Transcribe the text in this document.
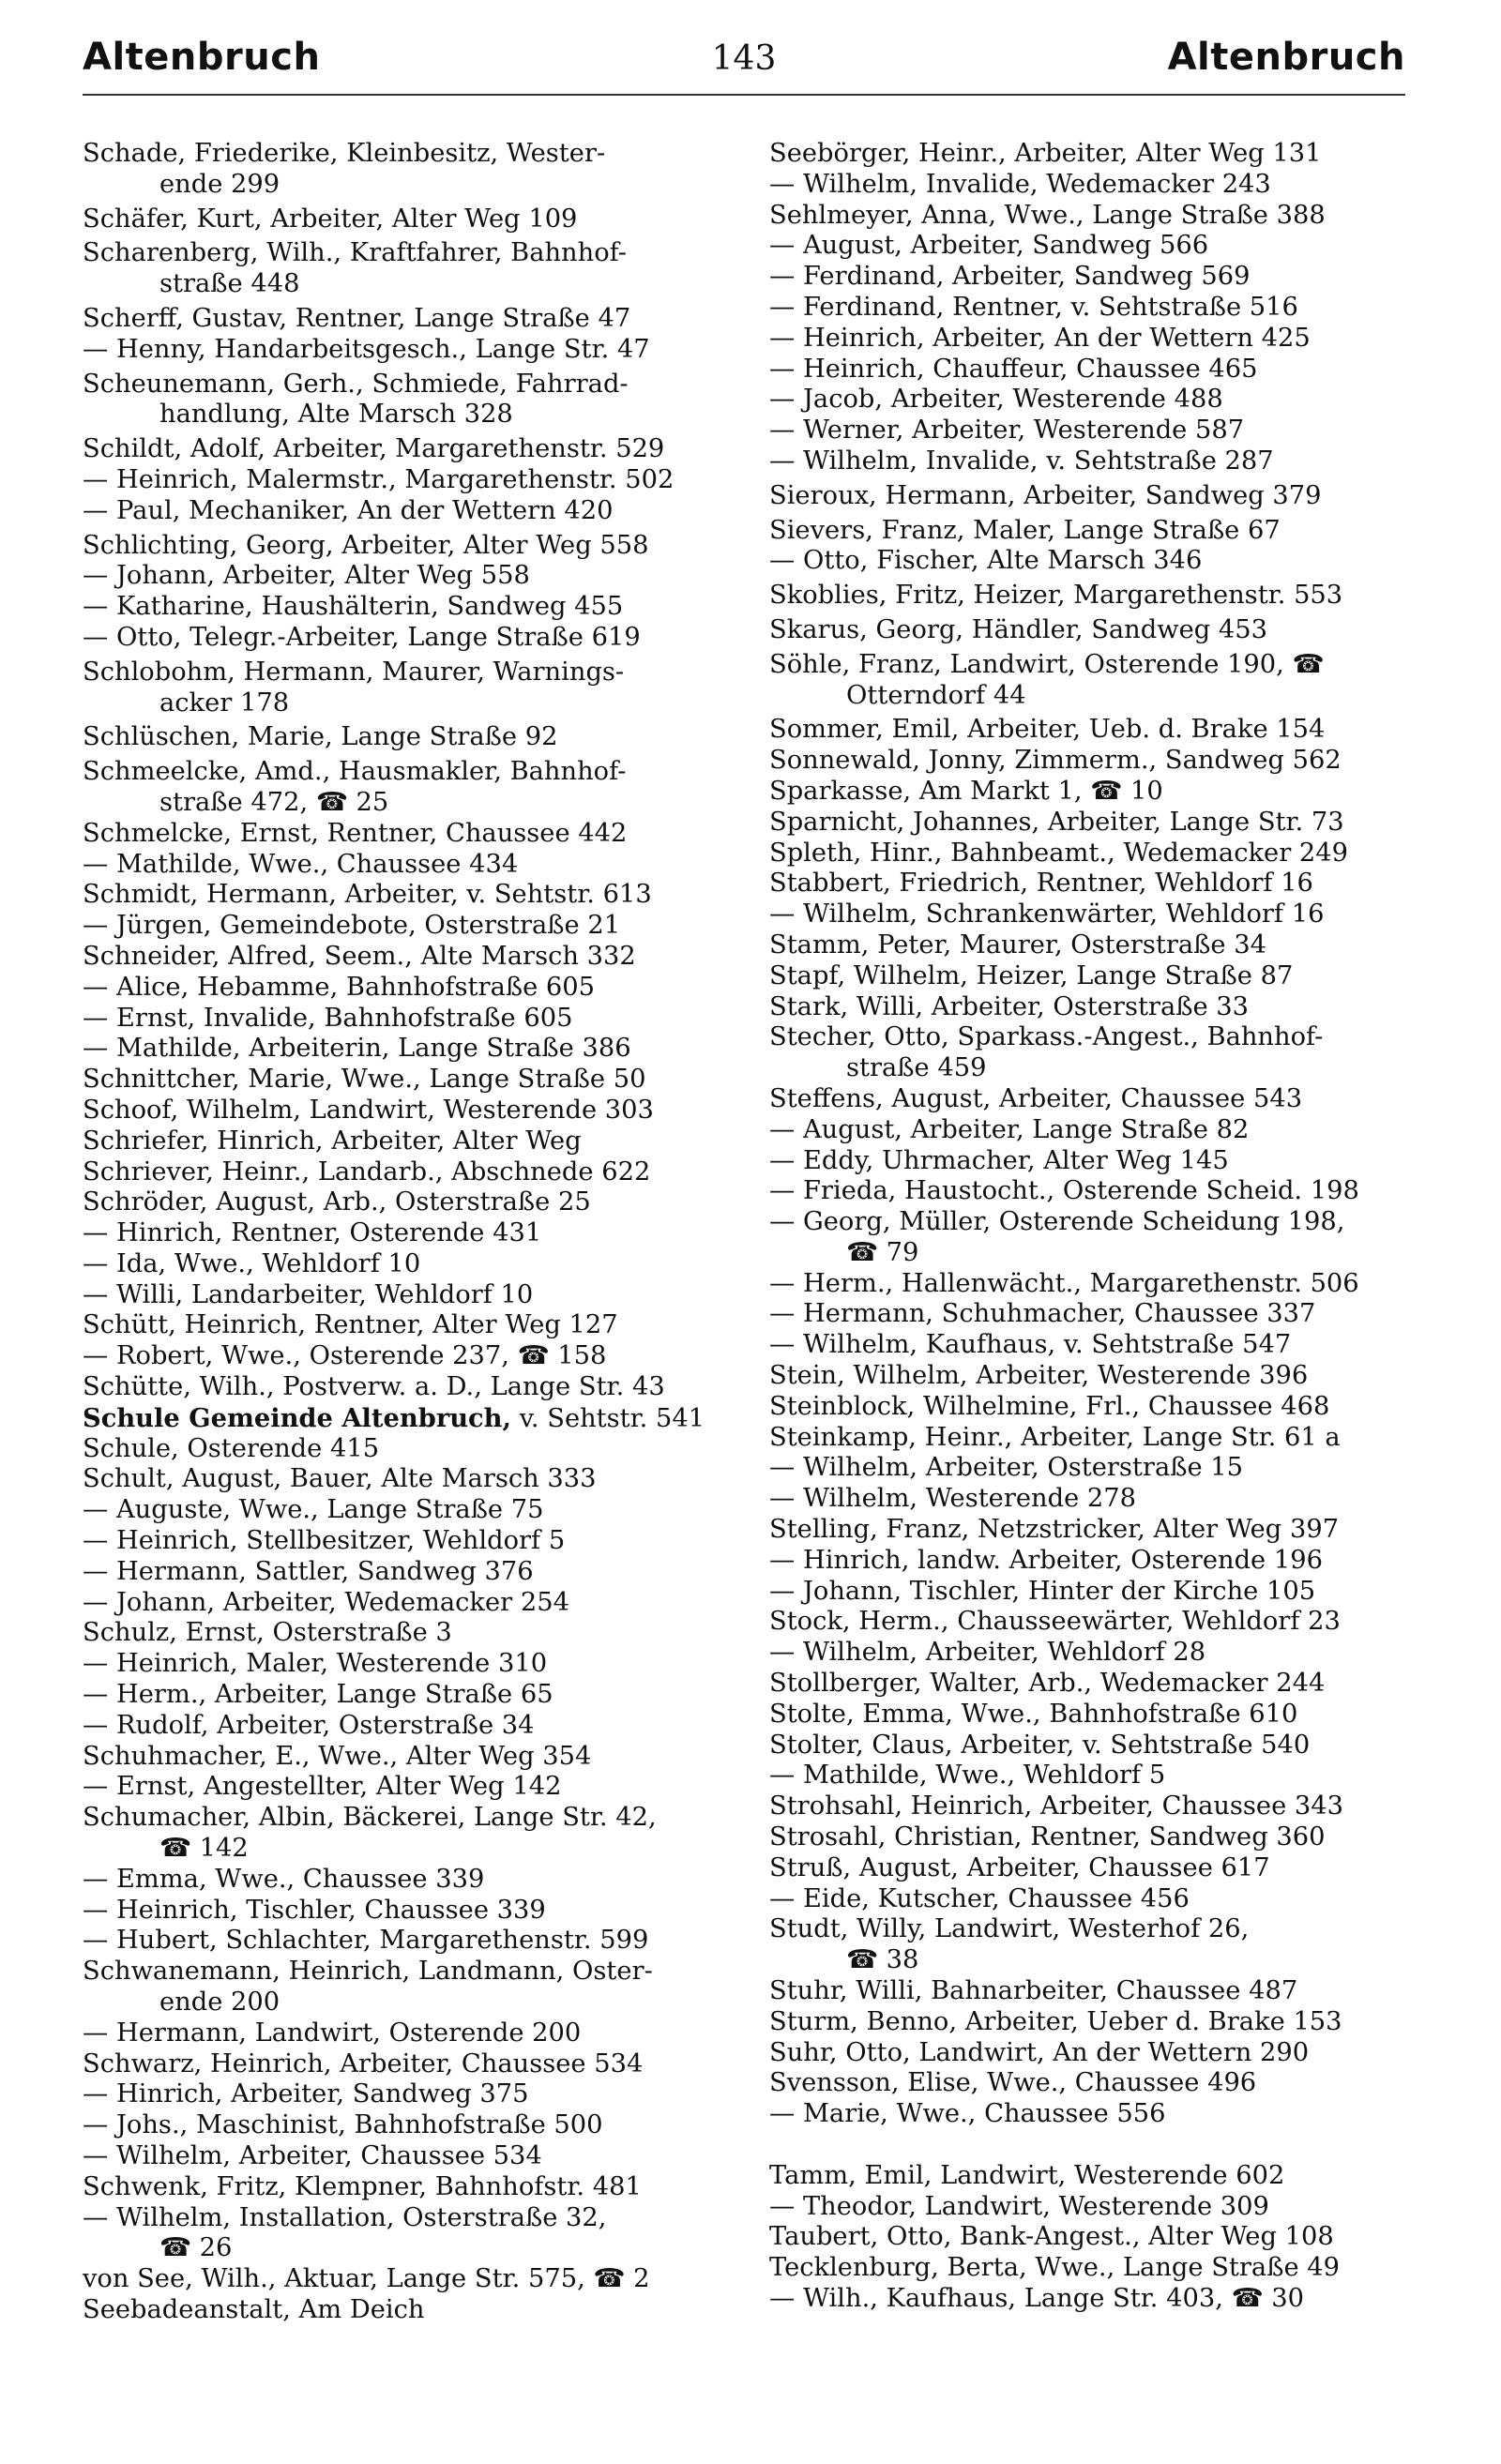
Altenbruch	143	Altenbruch
Schade, Friederike, Kleinbesitz, Wester-
ende 299
Schäfer, Kurt, Arbeiter, Alter Weg 109
Scharenberg, Wilh., Kraftfahrer, Bahnhof-
straße 448
Scherff, Gustav, Rentner, Lange Straße 47
— Henny, Handarbeitsgesch., Lange Str. 47
Scheunemann, Gerh., Schmiede, Fahrrad-
handlung, Alte Marsch 328
Schildt, Adolf, Arbeiter, Margarethenstr. 529
— Heinrich, Malermstr., Margarethenstr. 502
— Paul, Mechaniker, An der Wettern 420
Schlichting, Georg, Arbeiter, Alter Weg 558
— Johann, Arbeiter, Alter Weg 558
— Katharine, Haushälterin, Sandweg 455
— Otto, Telegr.-Arbeiter, Lange Straße 619
Schlobohm, Hermann, Maurer, Warnings-
acker 178
Schlüschen, Marie, Lange Straße 92
Schmeelcke, Amd., Hausmakler, Bahnhof-
straße 472, ☎ 25
Schmelcke, Ernst, Rentner, Chaussee 442
— Mathilde, Wwe., Chaussee 434
Schmidt, Hermann, Arbeiter, v. Sehtstr. 613
— Jürgen, Gemeindebote, Osterstraße 21
Schneider, Alfred, Seem., Alte Marsch 332
— Alice, Hebamme, Bahnhofstraße 605
— Ernst, Invalide, Bahnhofstraße 605
— Mathilde, Arbeiterin, Lange Straße 386
Schnittcher, Marie, Wwe., Lange Straße 50
Schoof, Wilhelm, Landwirt, Westerende 303
Schriefer, Hinrich, Arbeiter, Alter Weg
Schriever, Heinr., Landarb., Abschnede 622
Schröder, August, Arb., Osterstraße 25
— Hinrich, Rentner, Osterende 431
— Ida, Wwe., Wehldorf 10
— Willi, Landarbeiter, Wehldorf 10
Schütt, Heinrich, Rentner, Alter Weg 127
— Robert, Wwe., Osterende 237, ☎ 158
Schütte, Wilh., Postverw. a. D., Lange Str. 43
Schule Gemeinde Altenbruch, v. Sehtstr. 541
Schule, Osterende 415
Schult, August, Bauer, Alte Marsch 333
— Auguste, Wwe., Lange Straße 75
— Heinrich, Stellbesitzer, Wehldorf 5
— Hermann, Sattler, Sandweg 376
— Johann, Arbeiter, Wedemacker 254
Schulz, Ernst, Osterstraße 3
— Heinrich, Maler, Westerende 310
— Herm., Arbeiter, Lange Straße 65
— Rudolf, Arbeiter, Osterstraße 34
Schuhmacher, E., Wwe., Alter Weg 354
— Ernst, Angestellter, Alter Weg 142
Schumacher, Albin, Bäckerei, Lange Str. 42,
☎ 142
— Emma, Wwe., Chaussee 339
— Heinrich, Tischler, Chaussee 339
— Hubert, Schlachter, Margarethenstr. 599
Schwanemann, Heinrich, Landmann, Oster-
ende 200
— Hermann, Landwirt, Osterende 200
Schwarz, Heinrich, Arbeiter, Chaussee 534
— Hinrich, Arbeiter, Sandweg 375
— Johs., Maschinist, Bahnhofstraße 500
— Wilhelm, Arbeiter, Chaussee 534
Schwenk, Fritz, Klempner, Bahnhofstr. 481
— Wilhelm, Installation, Osterstraße 32,
☎ 26
von See, Wilh., Aktuar, Lange Str. 575, ☎ 2
Seebadeanstalt, Am Deich
Seebörger, Heinr., Arbeiter, Alter Weg 131
— Wilhelm, Invalide, Wedemacker 243
Sehlmeyer, Anna, Wwe., Lange Straße 388
— August, Arbeiter, Sandweg 566
— Ferdinand, Arbeiter, Sandweg 569
— Ferdinand, Rentner, v. Sehtstraße 516
— Heinrich, Arbeiter, An der Wettern 425
— Heinrich, Chauffeur, Chaussee 465
— Jacob, Arbeiter, Westerende 488
— Werner, Arbeiter, Westerende 587
— Wilhelm, Invalide, v. Sehtstraße 287
Sieroux, Hermann, Arbeiter, Sandweg 379
Sievers, Franz, Maler, Lange Straße 67
— Otto, Fischer, Alte Marsch 346
Skoblies, Fritz, Heizer, Margarethenstr. 553
Skarus, Georg, Händler, Sandweg 453
Söhle, Franz, Landwirt, Osterende 190, ☎
Otterndorf 44
Sommer, Emil, Arbeiter, Ueb. d. Brake 154
Sonnewald, Jonny, Zimmerm., Sandweg 562
Sparkasse, Am Markt 1, ☎ 10
Sparnicht, Johannes, Arbeiter, Lange Str. 73
Spleth, Hinr., Bahnbeamt., Wedemacker 249
Stabbert, Friedrich, Rentner, Wehldorf 16
— Wilhelm, Schrankenwärter, Wehldorf 16
Stamm, Peter, Maurer, Osterstraße 34
Stapf, Wilhelm, Heizer, Lange Straße 87
Stark, Willi, Arbeiter, Osterstraße 33
Stecher, Otto, Sparkass.-Angest., Bahnhof-
straße 459
Steffens, August, Arbeiter, Chaussee 543
— August, Arbeiter, Lange Straße 82
— Eddy, Uhrmacher, Alter Weg 145
— Frieda, Haustocht., Osterende Scheid. 198
— Georg, Müller, Osterende Scheidung 198,
☎ 79
— Herm., Hallenwächt., Margarethenstr. 506
— Hermann, Schuhmacher, Chaussee 337
— Wilhelm, Kaufhaus, v. Sehtstraße 547
Stein, Wilhelm, Arbeiter, Westerende 396
Steinblock, Wilhelmine, Frl., Chaussee 468
Steinkamp, Heinr., Arbeiter, Lange Str. 61 a
— Wilhelm, Arbeiter, Osterstraße 15
— Wilhelm, Westerende 278
Stelling, Franz, Netzstricker, Alter Weg 397
— Hinrich, landw. Arbeiter, Osterende 196
— Johann, Tischler, Hinter der Kirche 105
Stock, Herm., Chausseewärter, Wehldorf 23
— Wilhelm, Arbeiter, Wehldorf 28
Stollberger, Walter, Arb., Wedemacker 244
Stolte, Emma, Wwe., Bahnhofstraße 610
Stolter, Claus, Arbeiter, v. Sehtstraße 540
— Mathilde, Wwe., Wehldorf 5
Strohsahl, Heinrich, Arbeiter, Chaussee 343
Strosahl, Christian, Rentner, Sandweg 360
Struß, August, Arbeiter, Chaussee 617
— Eide, Kutscher, Chaussee 456
Studt, Willy, Landwirt, Westerhof 26,
☎ 38
Stuhr, Willi, Bahnarbeiter, Chaussee 487
Sturm, Benno, Arbeiter, Ueber d. Brake 153
Suhr, Otto, Landwirt, An der Wettern 290
Svensson, Elise, Wwe., Chaussee 496
— Marie, Wwe., Chaussee 556
Tamm, Emil, Landwirt, Westerende 602
— Theodor, Landwirt, Westerende 309
Taubert, Otto, Bank-Angest., Alter Weg 108
Tecklenburg, Berta, Wwe., Lange Straße 49
— Wilh., Kaufhaus, Lange Str. 403, ☎ 30
